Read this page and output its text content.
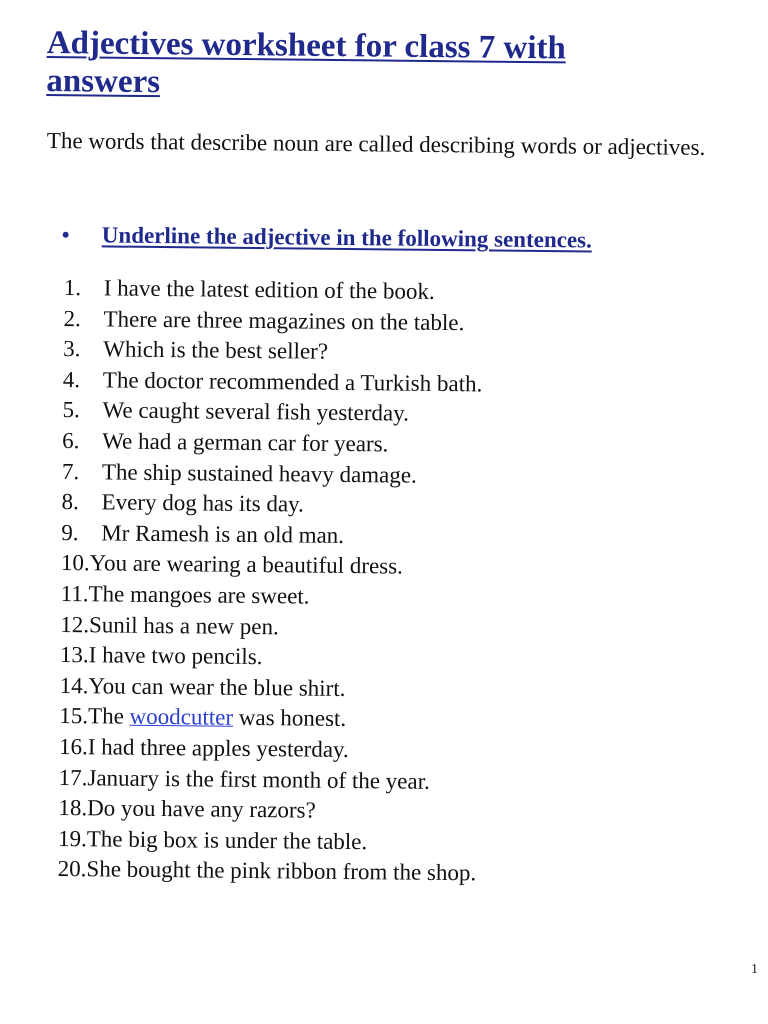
Adjectives worksheet for class 7 with answers

The words that describe noun are called describing words or adjectives.

• Underline the adjective in the following sentences.
1. I have the latest edition of the book.
2. There are three magazines on the table.
3. Which is the best seller?
4. The doctor recommended a Turkish bath.
5. We caught several fish yesterday.
6. We had a german car for years.
7. The ship sustained heavy damage.
8. Every dog has its day.
9. Mr Ramesh is an old man.
10.You are wearing a beautiful dress.
11.The mangoes are sweet.
12.Sunil has a new pen.
13.I have two pencils.
14.You can wear the blue shirt.
15.The woodcutter was honest.
16.I had three apples yesterday.
17.January is the first month of the year.
18.Do you have any razors?
19.The big box is under the table.
20.She bought the pink ribbon from the shop.
1
